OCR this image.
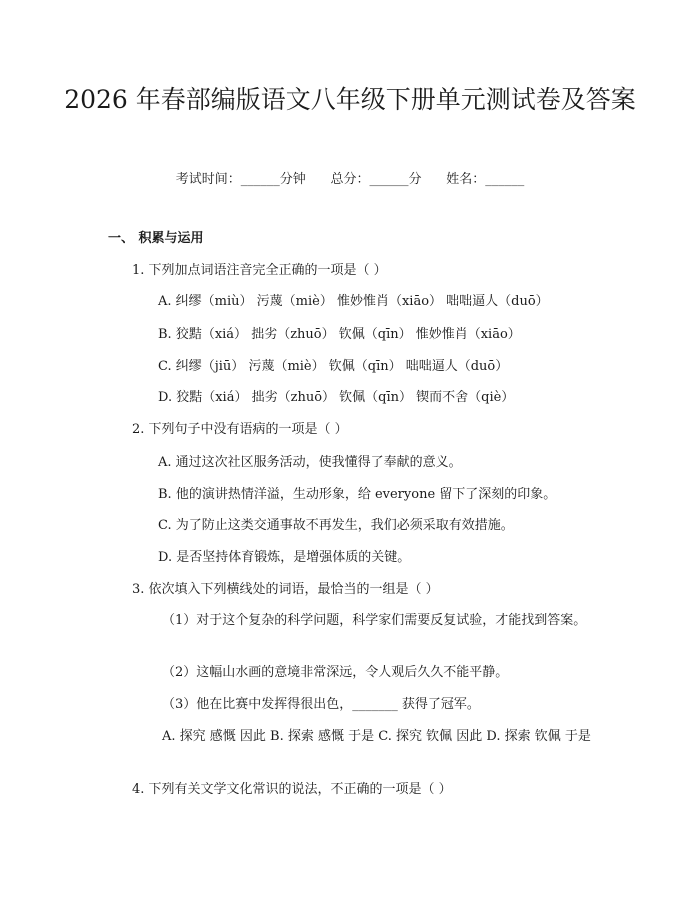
2026 年春部编版语文八年级下册单元测试卷及答案
考试时间：______分钟      总分：______分      姓名：______
一、 积累与运用
1. 下列加点词语注音完全正确的一项是（ ）
A. 纠缪（miù） 污蔑（miè） 惟妙惟肖（xiāo） 咄咄逼人（duō）
B. 狡黠（xiá） 拙劣（zhuō） 钦佩（qīn） 惟妙惟肖（xiāo）
C. 纠缪（jiū） 污蔑（miè） 钦佩（qīn） 咄咄逼人（duō）
D. 狡黠（xiá） 拙劣（zhuō） 钦佩（qīn） 锲而不舍（qiè）
2. 下列句子中没有语病的一项是（ ）
A. 通过这次社区服务活动，使我懂得了奉献的意义。
B. 他的演讲热情洋溢，生动形象，给 everyone 留下了深刻的印象。
C. 为了防止这类交通事故不再发生，我们必须采取有效措施。
D. 是否坚持体育锻炼，是增强体质的关键。
3. 依次填入下列横线处的词语，最恰当的一组是（ ）
（1）对于这个复杂的科学问题，科学家们需要反复试验，才能找到答案。
（2）这幅山水画的意境非常深远，令人观后久久不能平静。
（3）他在比赛中发挥得很出色，_______ 获得了冠军。
A. 探究 感慨 因此 B. 探索 感慨 于是 C. 探究 钦佩 因此 D. 探索 钦佩 于是
4. 下列有关文学文化常识的说法，不正确的一项是（ ）
